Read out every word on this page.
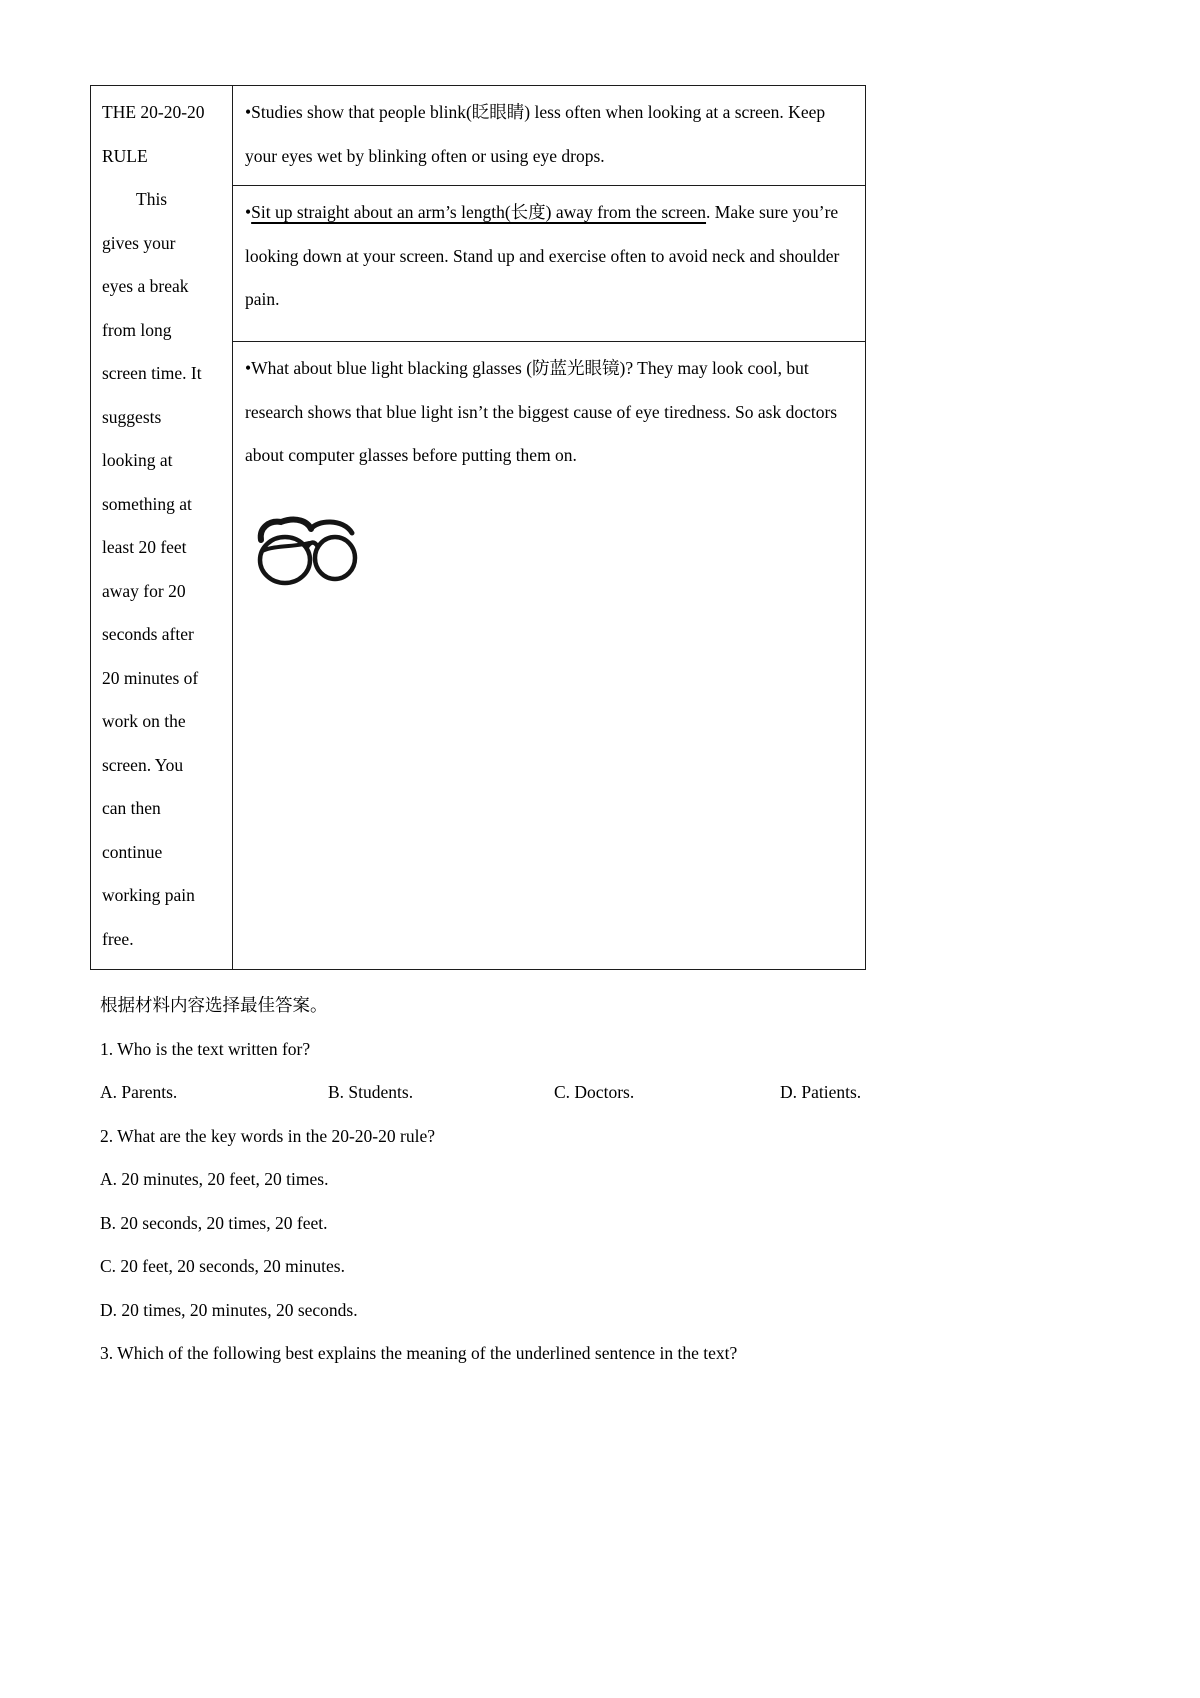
THE 20-20-20
RULE
This
gives your
eyes a break
from long
screen time. It
suggests
looking at
something at
least 20 feet
away for 20
seconds after
20 minutes of
work on the
screen. You
can then
continue
working pain
free.
	•Studies show that people blink(眨眼睛) less often when looking at a screen. Keep your eyes wet by blinking often or using eye drops.
•Sit up straight about an arm’s length(长度) away from the screen. Make sure you’re looking down at your screen. Stand up and exercise often to avoid neck and shoulder pain.

•What about blue light blacking glasses (防蓝光眼镜)? They may look cool, but research shows that blue light isn’t the biggest cause of eye tiredness. So ask doctors about computer glasses before putting them on.

根据材料内容选择最佳答案。

1. Who is the text written for?

A. Parents.	B. Students.	C. Doctors.	D. Patients.

2. What are the key words in the 20-20-20 rule?

A. 20 minutes, 20 feet, 20 times.

B. 20 seconds, 20 times, 20 feet.

C. 20 feet, 20 seconds, 20 minutes.

D. 20 times, 20 minutes, 20 seconds.

3. Which of the following best explains the meaning of the underlined sentence in the text?
